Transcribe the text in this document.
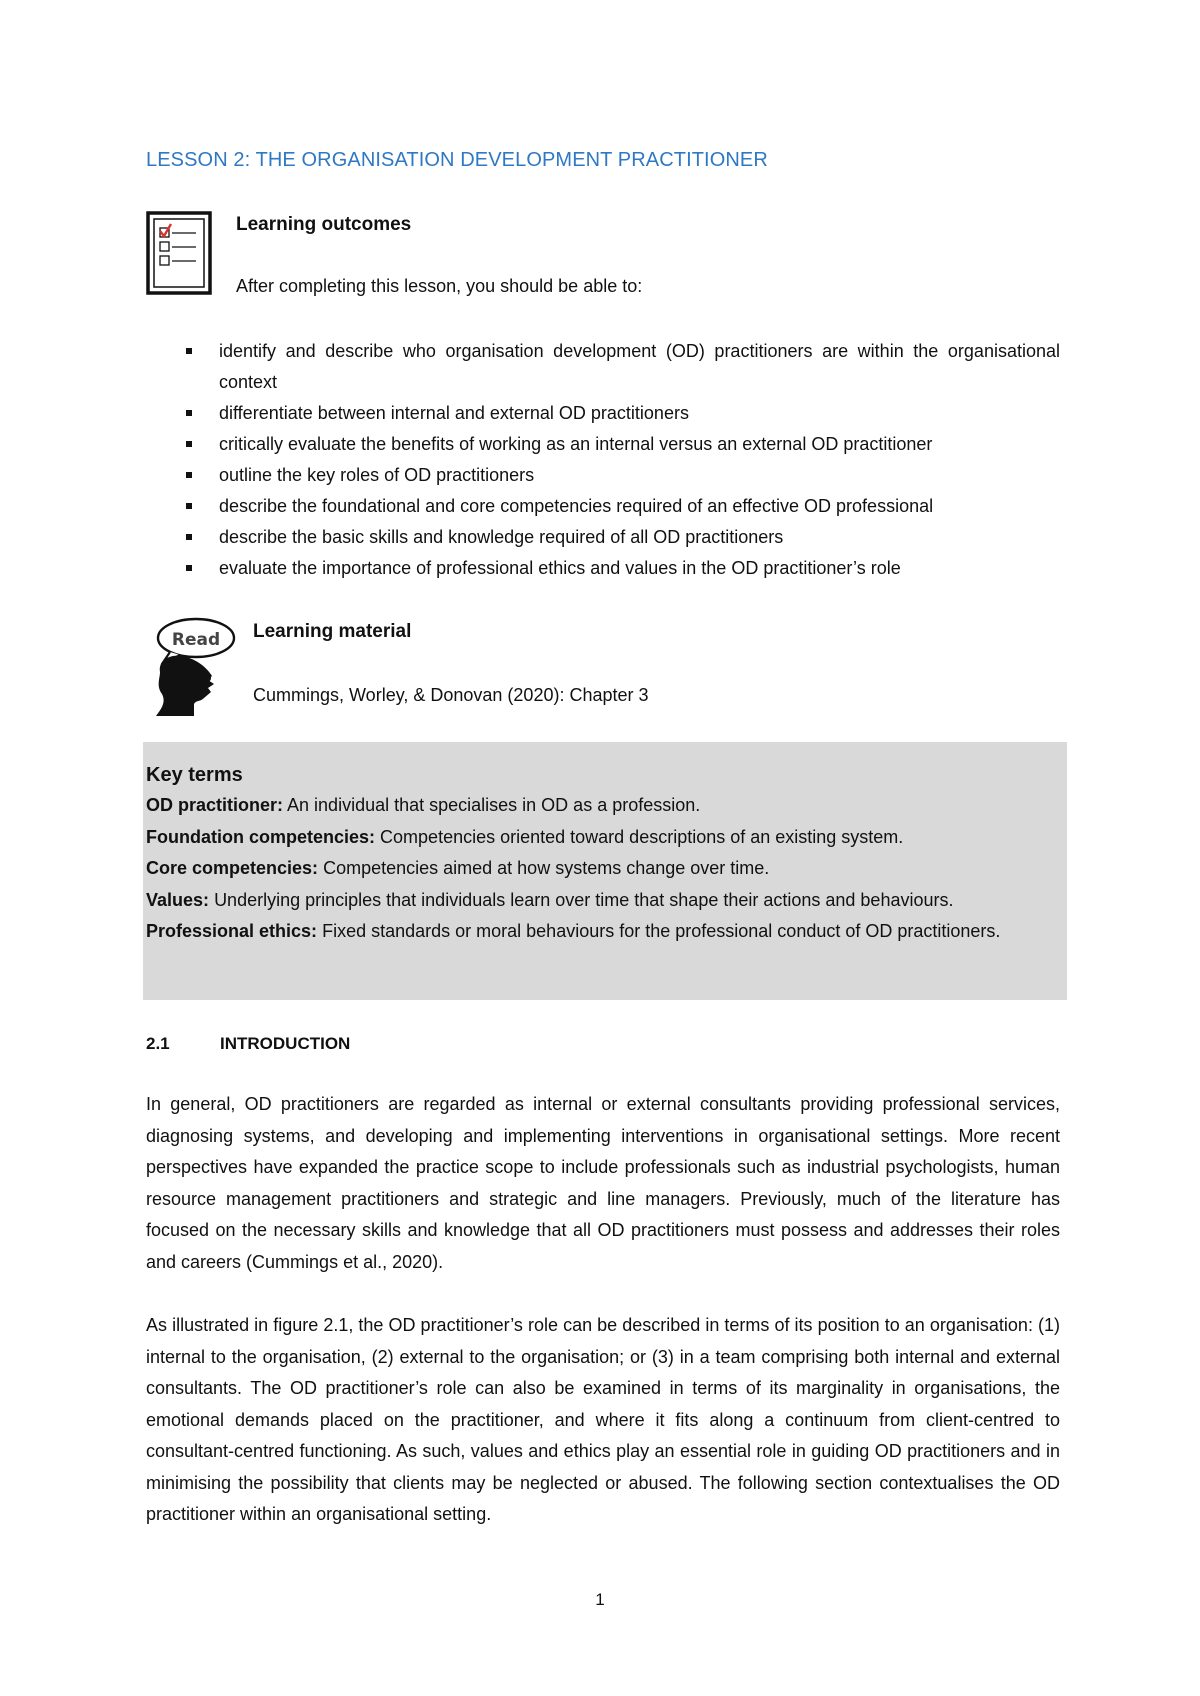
LESSON 2: THE ORGANISATION DEVELOPMENT PRACTITIONER
Learning outcomes
After completing this lesson, you should be able to:
identify and describe who organisation development (OD) practitioners are within the organisational context
differentiate between internal and external OD practitioners
critically evaluate the benefits of working as an internal versus an external OD practitioner
outline the key roles of OD practitioners
describe the foundational and core competencies required of an effective OD professional
describe the basic skills and knowledge required of all OD practitioners
evaluate the importance of professional ethics and values in the OD practitioner’s role
Read Learning material
Cummings, Worley, & Donovan (2020): Chapter 3
Key terms
OD practitioner: An individual that specialises in OD as a profession.
Foundation competencies: Competencies oriented toward descriptions of an existing system.
Core competencies: Competencies aimed at how systems change over time.
Values: Underlying principles that individuals learn over time that shape their actions and behaviours.
Professional ethics: Fixed standards or moral behaviours for the professional conduct of OD practitioners.
2.1	INTRODUCTION

In general, OD practitioners are regarded as internal or external consultants providing professional services, diagnosing systems, and developing and implementing interventions in organisational settings. More recent perspectives have expanded the practice scope to include professionals such as industrial psychologists, human resource management practitioners and strategic and line managers. Previously, much of the literature has focused on the necessary skills and knowledge that all OD practitioners must possess and addresses their roles and careers (Cummings et al., 2020).

As illustrated in figure 2.1, the OD practitioner’s role can be described in terms of its position to an organisation: (1) internal to the organisation, (2) external to the organisation; or (3) in a team comprising both internal and external consultants. The OD practitioner’s role can also be examined in terms of its marginality in organisations, the emotional demands placed on the practitioner, and where it fits along a continuum from client-centred to consultant-centred functioning. As such, values and ethics play an essential role in guiding OD practitioners and in minimising the possibility that clients may be neglected or abused. The following section contextualises the OD practitioner within an organisational setting.

1
